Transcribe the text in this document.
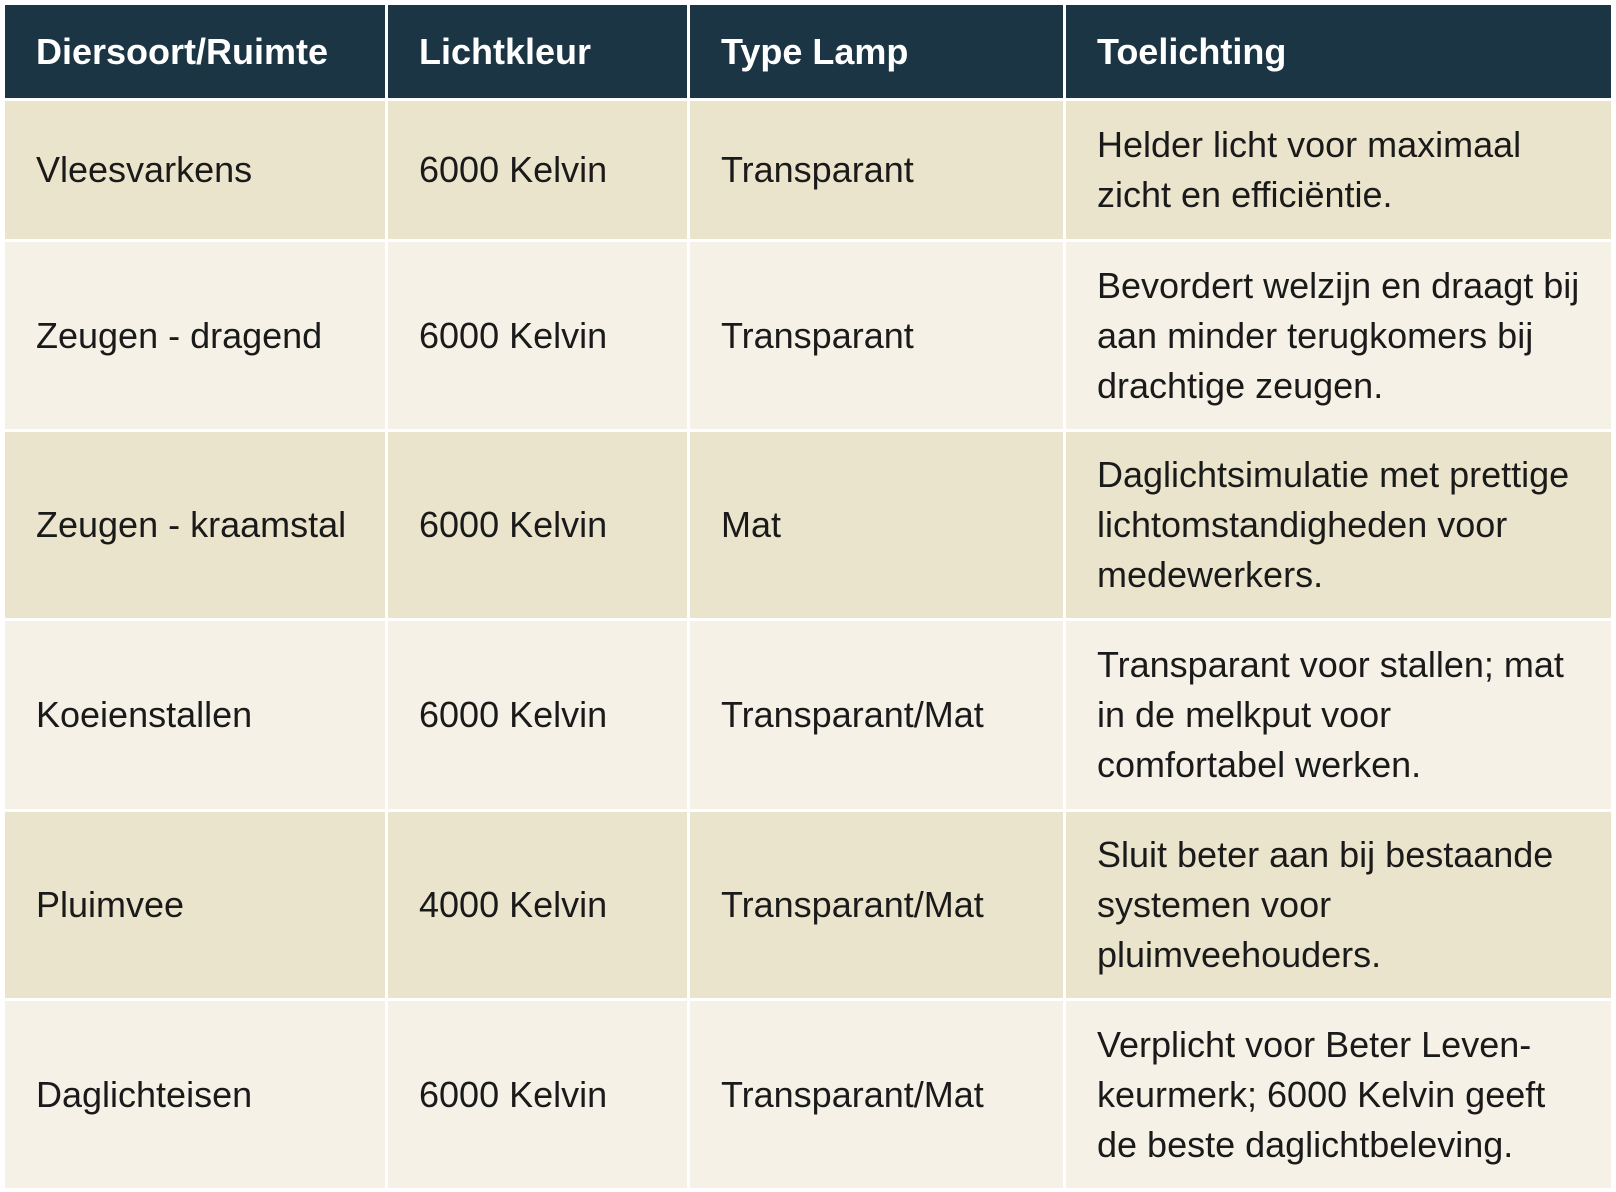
Diersoort/Ruimte	Lichtkleur	Type Lamp	Toelichting
Vleesvarkens	6000 Kelvin	Transparant	Helder licht voor maximaal zicht en efficiëntie.
Zeugen - dragend	6000 Kelvin	Transparant	Bevordert welzijn en draagt bij aan minder terugkomers bij drachtige zeugen.
Zeugen - kraamstal	6000 Kelvin	Mat	Daglichtsimulatie met prettige lichtomstandigheden voor medewerkers.
Koeienstallen	6000 Kelvin	Transparant/Mat	Transparant voor stallen; mat in de melkput voor comfortabel werken.
Pluimvee	4000 Kelvin	Transparant/Mat	Sluit beter aan bij bestaande systemen voor pluimveehouders.
Daglichteisen	6000 Kelvin	Transparant/Mat	Verplicht voor Beter Leven-keurmerk; 6000 Kelvin geeft de beste daglichtbeleving.
